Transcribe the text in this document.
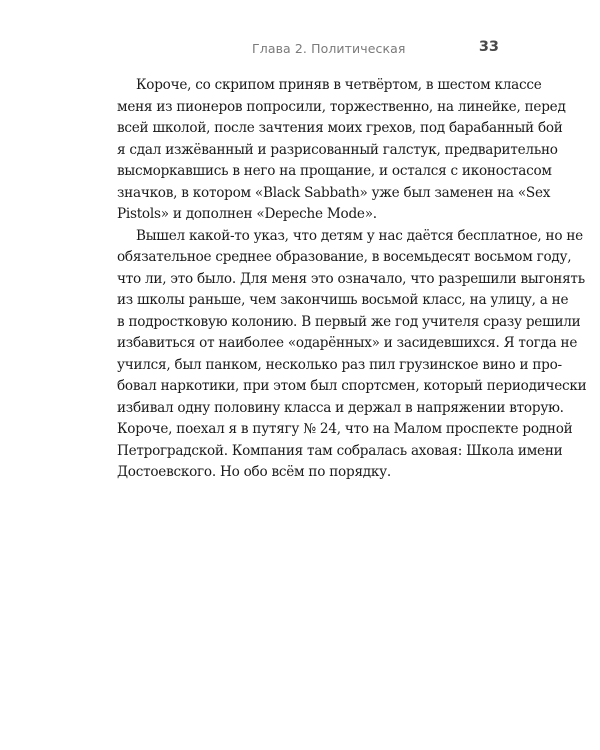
Глава 2. Политическая	33

Короче, со скрипом приняв в четвёртом, в шестом классе
меня из пионеров попросили, торжественно, на линейке, перед
всей школой, после зачтения моих грехов, под барабанный бой
я сдал изжёванный и разрисованный галстук, предварительно
высморкавшись в него на прощание, и остался с иконостасом
значков, в котором «Black Sabbath» уже был заменен на «Sex
Pistols» и дополнен «Depeche Mode».

Вышел какой-то указ, что детям у нас даётся бесплатное, но не
обязательное среднее образование, в восемьдесят восьмом году,
что ли, это было. Для меня это означало, что разрешили выгонять
из школы раньше, чем закончишь восьмой класс, на улицу, а не
в подростковую колонию. В первый же год учителя сразу решили
избавиться от наиболее «одарённых» и засидевшихся. Я тогда не
учился, был панком, несколько раз пил грузинское вино и про-
бовал наркотики, при этом был спортсмен, который периодически
избивал одну половину класса и держал в напряжении вторую.
Короче, поехал я в путягу № 24, что на Малом проспекте родной
Петроградской. Компания там собралась аховая: Школа имени
Достоевского. Но обо всём по порядку.
